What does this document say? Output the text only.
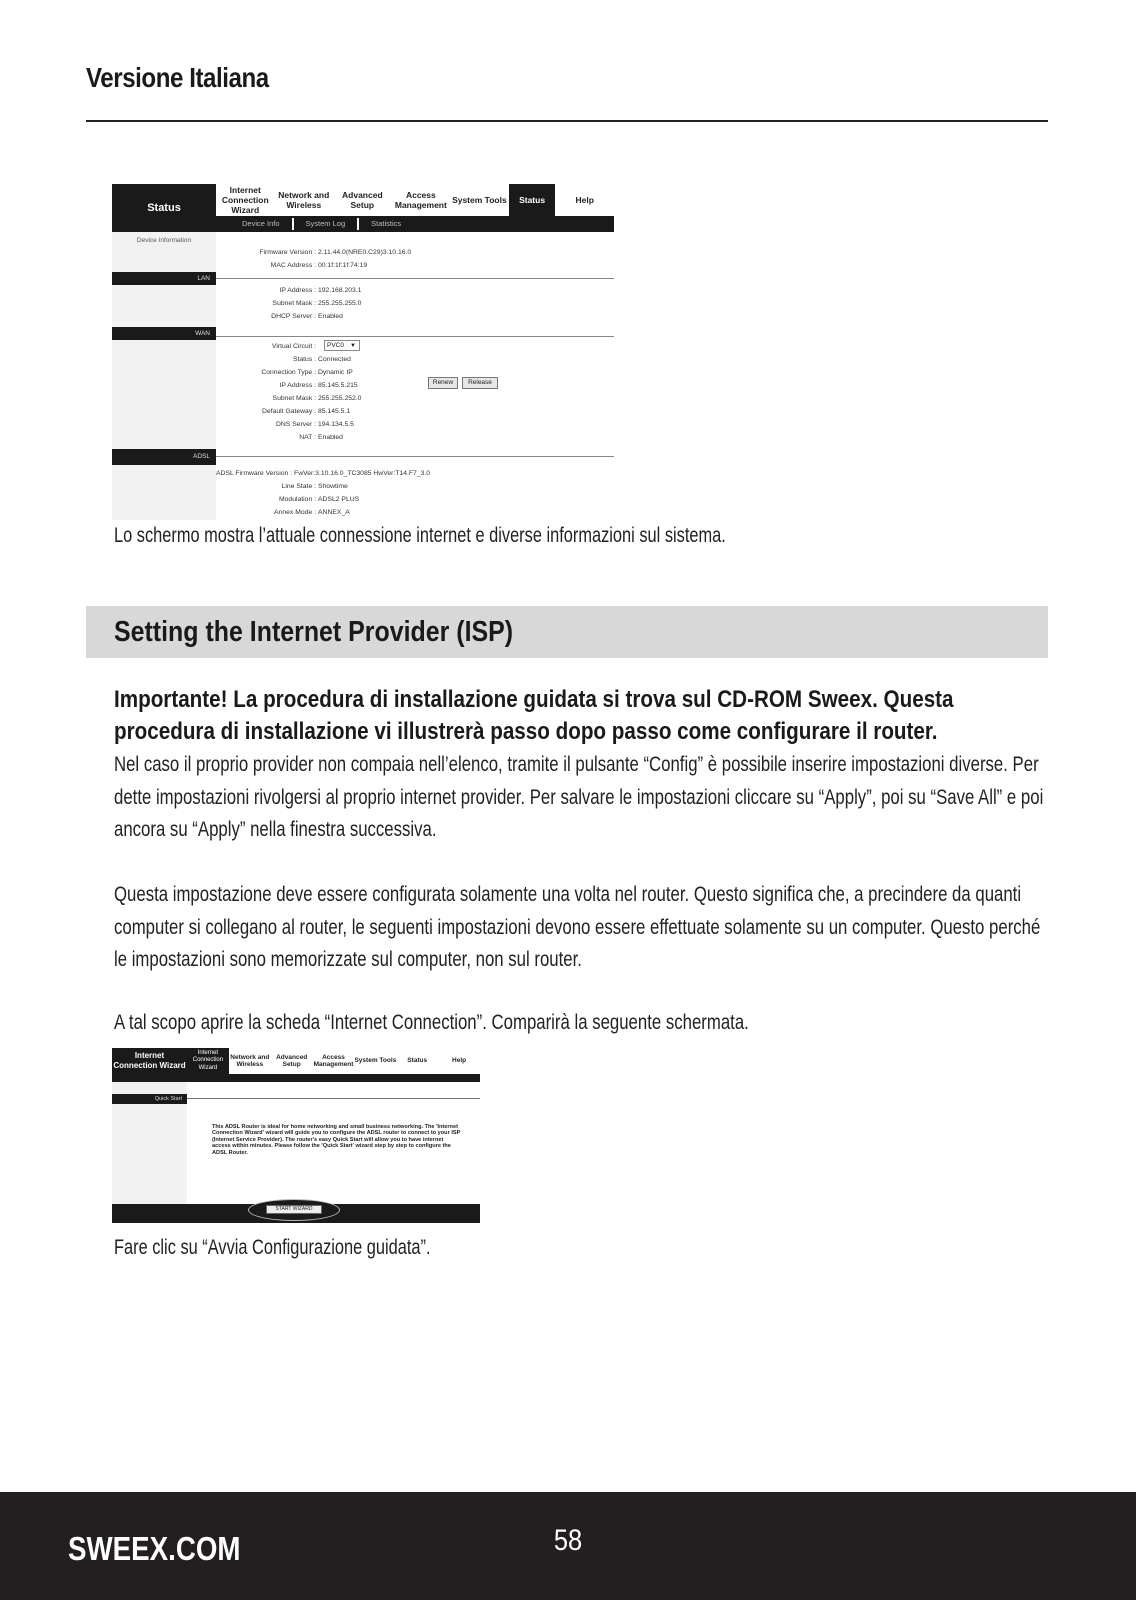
Versione Italiana
Status
Internet Connection Wizard
Network and Wireless
Advanced Setup
Access Management System Tools	Status	Help
Device Info	System Log	Statistics
Device Information
Firmware Version : 2.11.44.0(NRE0.C29)3.10.16.0
MAC Address : 00:1f:1f:1f:74:19
LAN
IP Address : 192.168.203.1
Subnet Mask : 255.255.255.0
DHCP Server : Enabled
WAN
Virtual Circuit :	PVC0 ▼
Status : Connected
Connection Type : Dynamic IP
IP Address : 85.145.5.215	Renew	Release
Subnet Mask : 255.255.252.0
Default Gateway : 85.145.5.1
DNS Server : 194.134.5.5
NAT : Enabled
ADSL
ADSL Firmware Version : FwVer:3.10.16.0_TC3085 HwVer:T14.F7_3.0
Line State : Showtime
Modulation : ADSL2 PLUS
Annex Mode : ANNEX_A

Lo schermo mostra l’attuale connessione internet e diverse informazioni sul sistema.

Setting the Internet Provider (ISP)

Importante! La procedura di installazione guidata si trova sul CD-ROM Sweex. Questa procedura di installazione vi illustrerà passo dopo passo come configurare il router.

Nel caso il proprio provider non compaia nell’elenco, tramite il pulsante “Config” è possibile inserire impostazioni diverse. Per dette impostazioni rivolgersi al proprio internet provider. Per salvare le impostazioni cliccare su “Apply”, poi su “Save All” e poi ancora su “Apply” nella finestra successiva.

Questa impostazione deve essere configurata solamente una volta nel router. Questo significa che, a precindere da quanti computer si collegano al router, le seguenti impostazioni devono essere effettuate solamente su un computer. Questo perché le impostazioni sono memorizzate sul computer, non sul router.

A tal scopo aprire la scheda “Internet Connection”. Comparirà la seguente schermata.

Internet Connection Wizard
Internet Connection Wizard
Network and Wireless
Advanced Setup
Access Management
System Tools	Status	Help
Quick Start
This ADSL Router is ideal for home networking and small business networking. The 'Internet Connection Wizard' wizard will guide you to configure the ADSL router to connect to your ISP (Internet Service Provider). The router's easy Quick Start will allow you to have internet access within minutes. Please follow the 'Quick Start' wizard step by step to configure the ADSL Router.
START WIZARD

Fare clic su “Avvia Configurazione guidata”.

SWEEX.COM	58
